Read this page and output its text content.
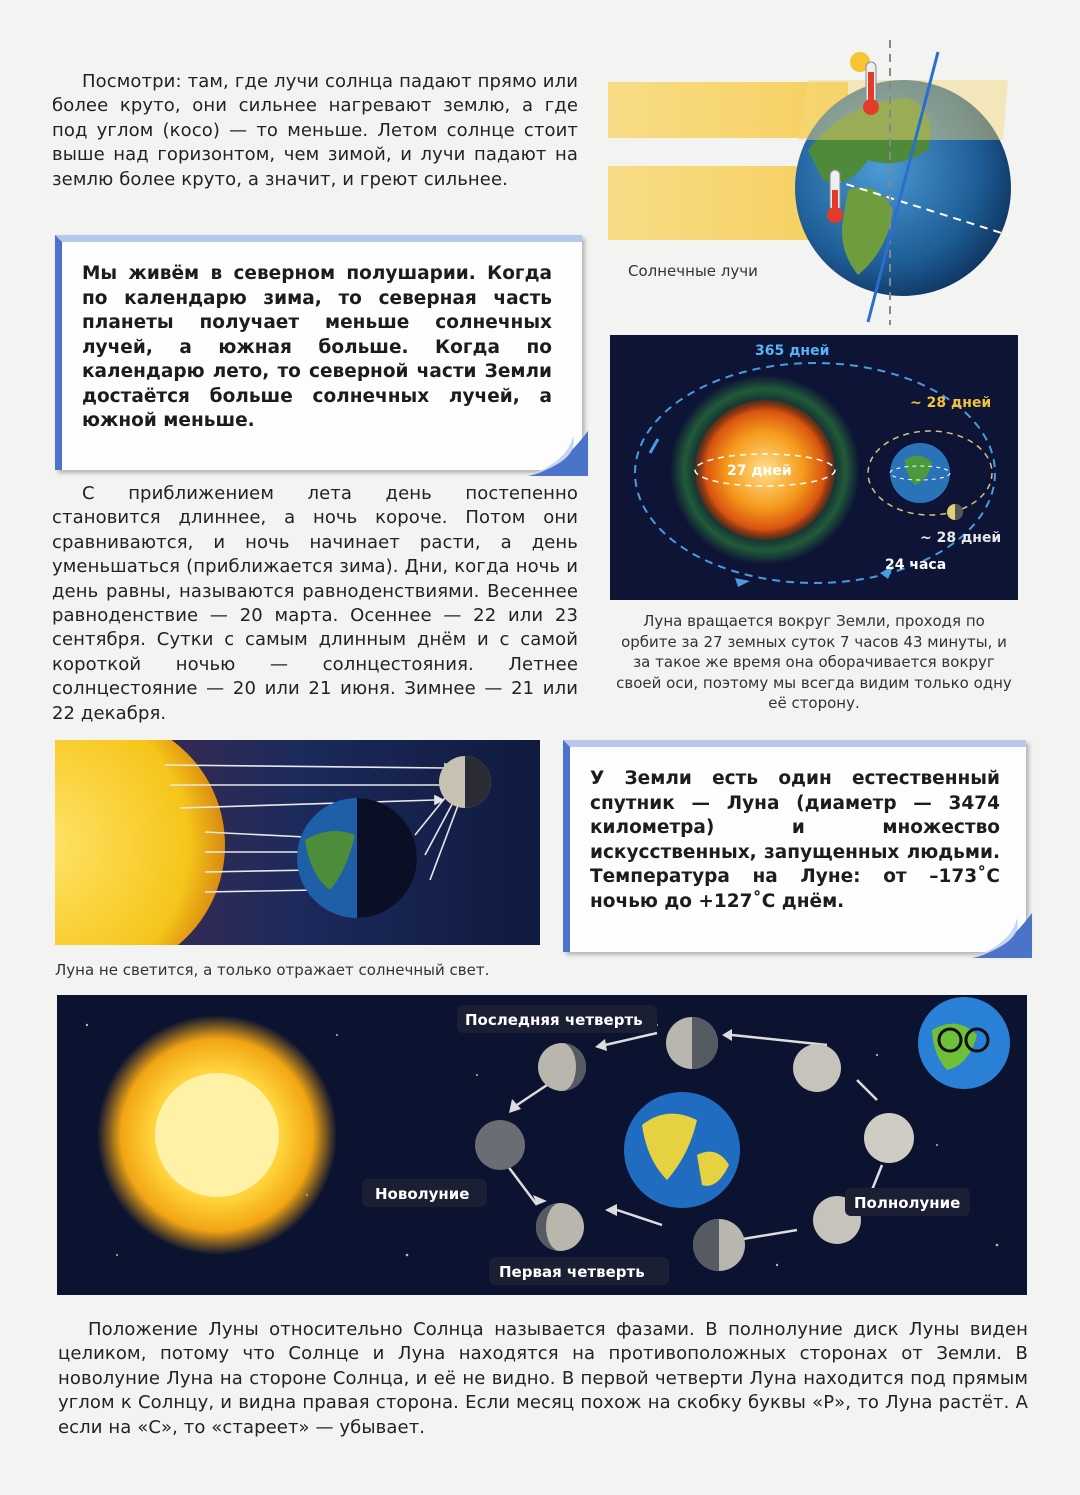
Посмотри: там, где лучи солнца падают прямо или более круто, они сильнее нагревают землю, а где под углом (косо) — то меньше. Летом солнце стоит выше над горизонтом, чем зимой, и лучи падают на землю более круто, а значит, и греют сильнее.

Солнечные лучи
Мы живём в северном полушарии. Когда по календарю зима, то северная часть планеты получает меньше солнечных лучей, а южная больше. Когда по календарю лето, то северной части Земли достаётся больше солнечных лучей, а южной меньше.
365 дней
~ 28 дней
27 дней
~ 28 дней
24 часа
Луна вращается вокруг Земли, проходя по орбите за 27 земных суток 7 часов 43 минуты, и за такое же время она оборачивается вокруг своей оси, поэтому мы всегда видим только одну её сторону.

С приближением лета день постепенно становится длиннее, а ночь короче. Потом они сравниваются, и ночь начинает расти, а день уменьшаться (приближается зима). Дни, когда ночь и день равны, называются равноденствиями. Весеннее равноденствие — 20 марта. Осеннее — 22 или 23 сентября. Сутки с самым длинным днём и с самой короткой ночью — солнцестояния. Летнее солнцестояние — 20 или 21 июня. Зимнее — 21 или 22 декабря.

Луна не светится, а только отражает солнечный свет.
У Земли есть один естественный спутник — Луна (диаметр — 3474 километра) и множество искусственных, запущенных людьми. Температура на Луне: от –173˚С ночью до +127˚С днём.
Последняя четверть
Новолуние	Полнолуние
Первая четверть

Положение Луны относительно Солнца называется фазами. В полнолуние диск Луны виден целиком, потому что Солнце и Луна находятся на противоположных сторонах от Земли. В новолуние Луна на стороне Солнца, и её не видно. В первой четверти Луна находится под прямым углом к Солнцу, и видна правая сторона. Если месяц похож на скобку буквы «Р», то Луна растёт. А если на «С», то «стареет» — убывает.
